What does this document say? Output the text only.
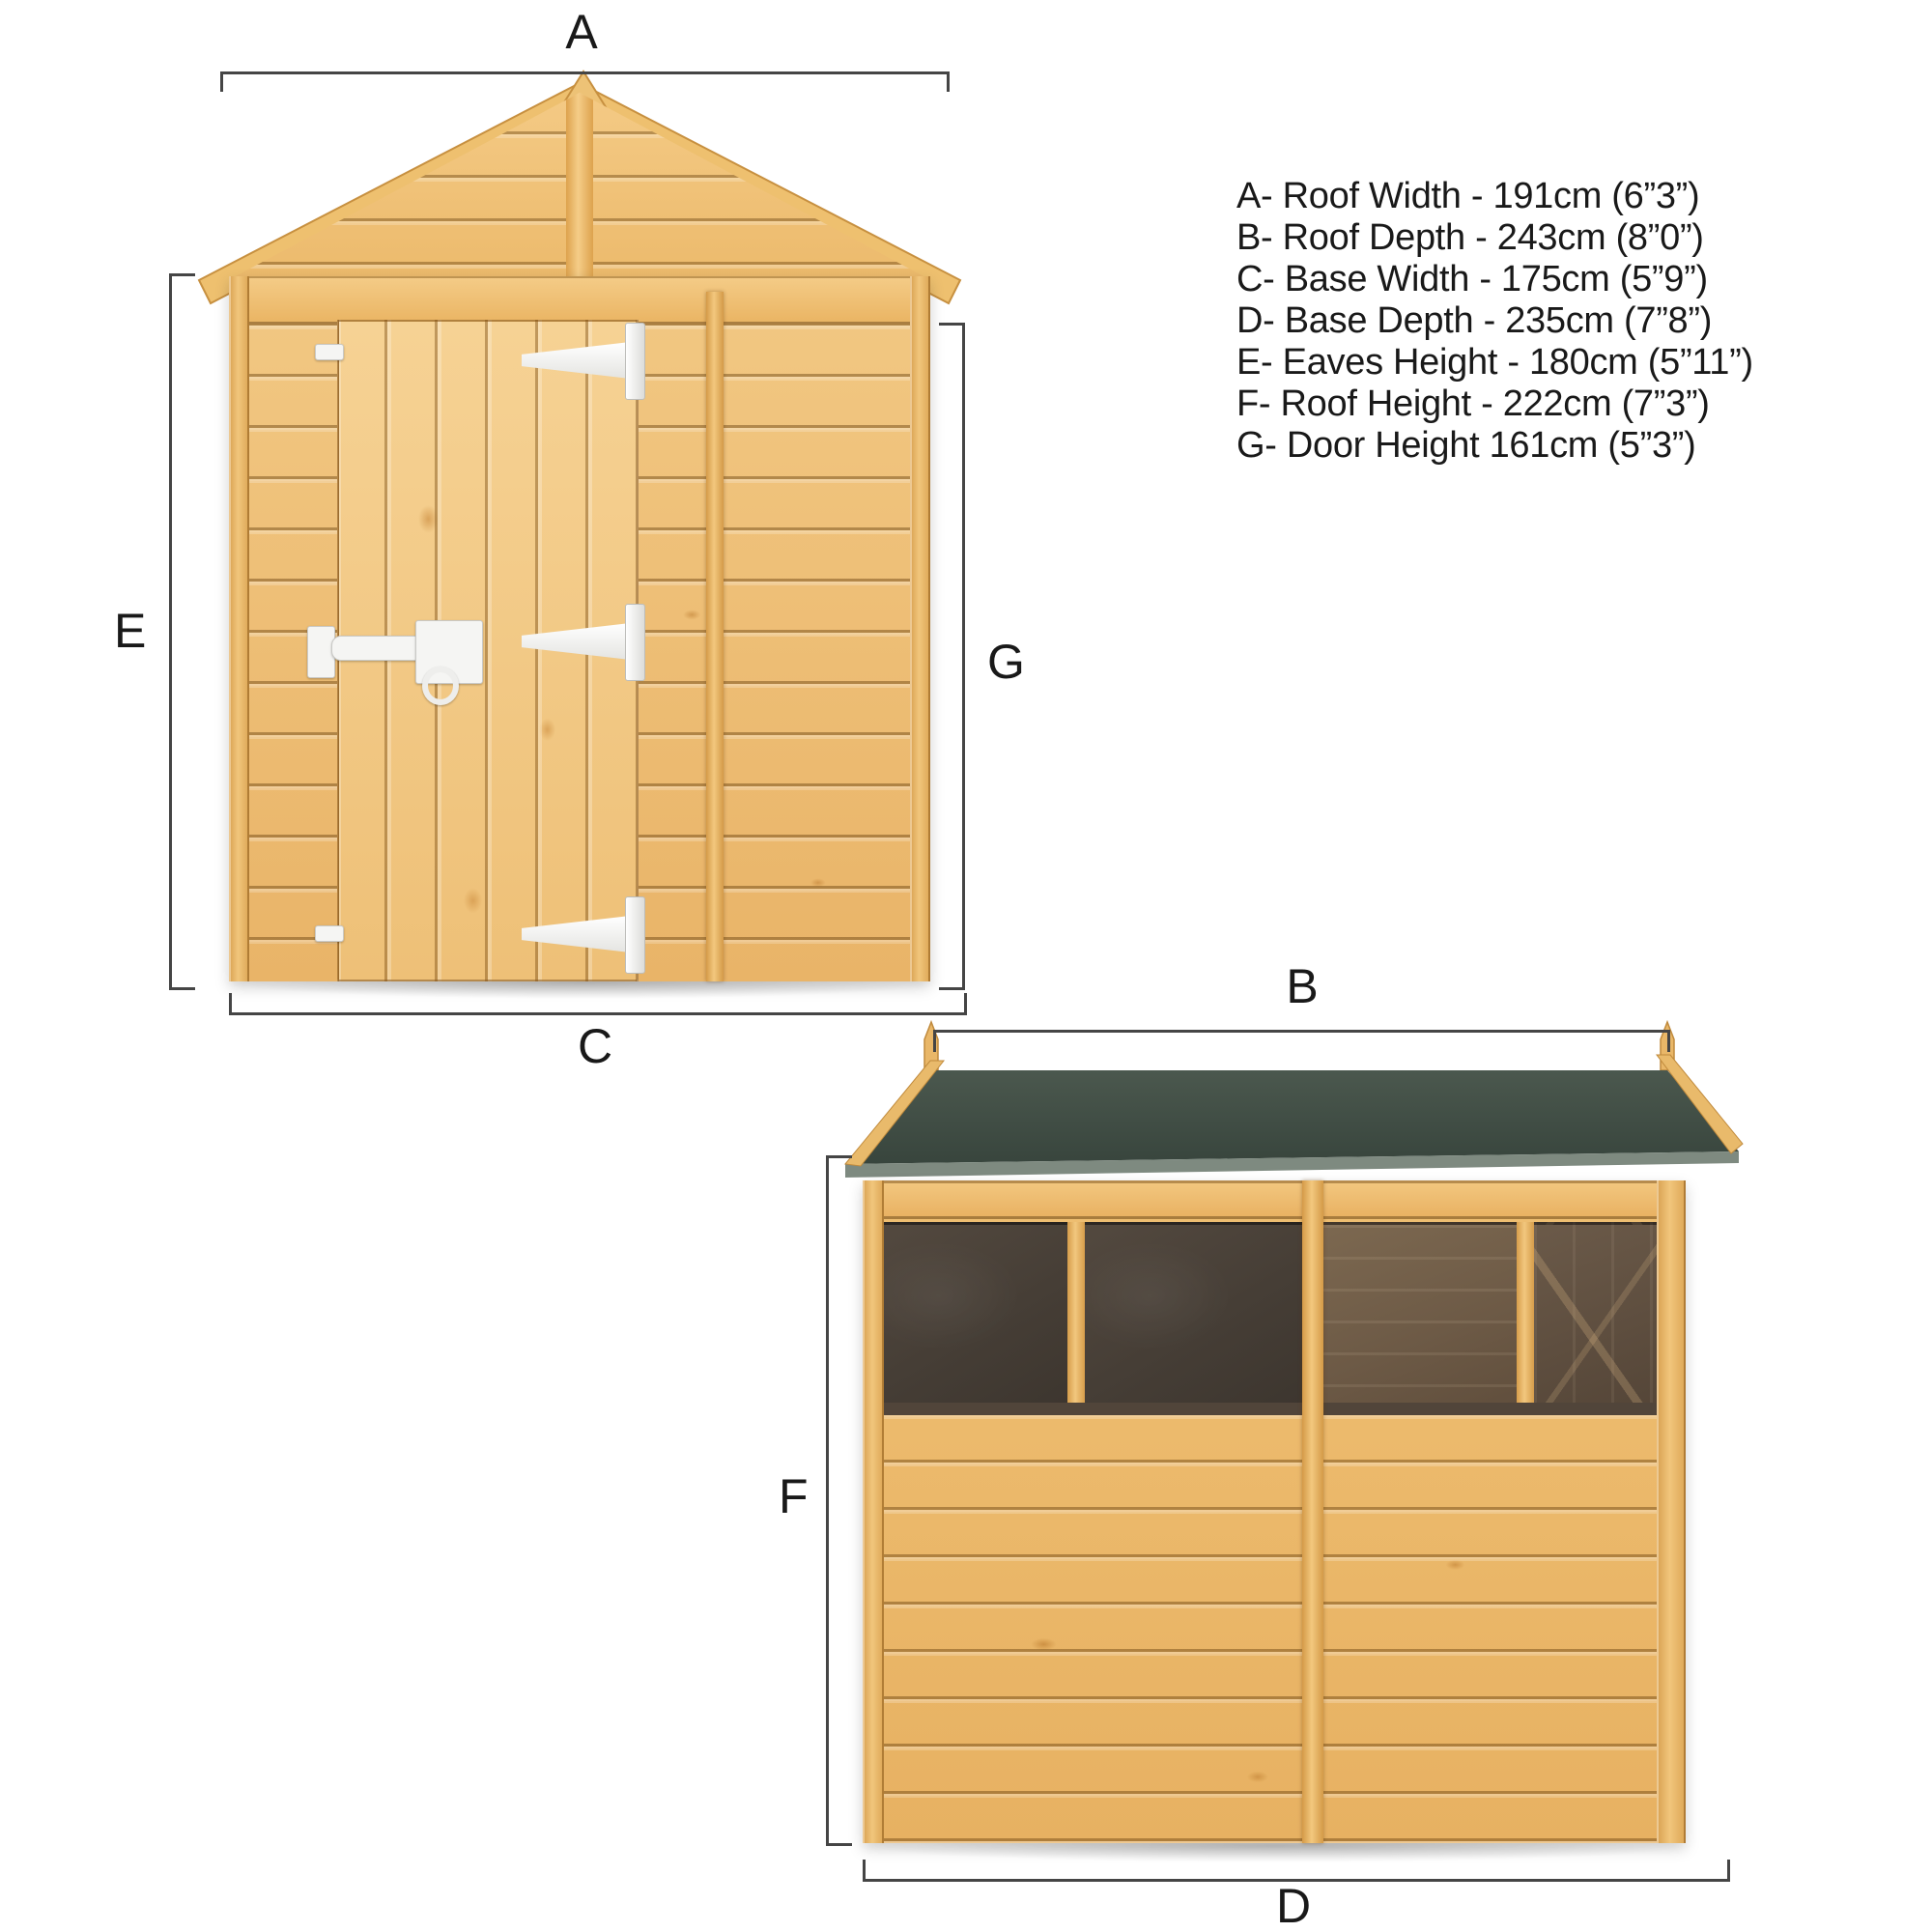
A- Roof Width - 191cm (6”3”)
B- Roof Depth - 243cm (8”0”)
C- Base Width - 175cm (5”9”)
D- Base Depth - 235cm (7”8”)
E- Eaves Height - 180cm (5”11”)
F- Roof Height - 222cm (7”3”)
G- Door Height 161cm (5”3”)
A
E
G
C
B
F
D
